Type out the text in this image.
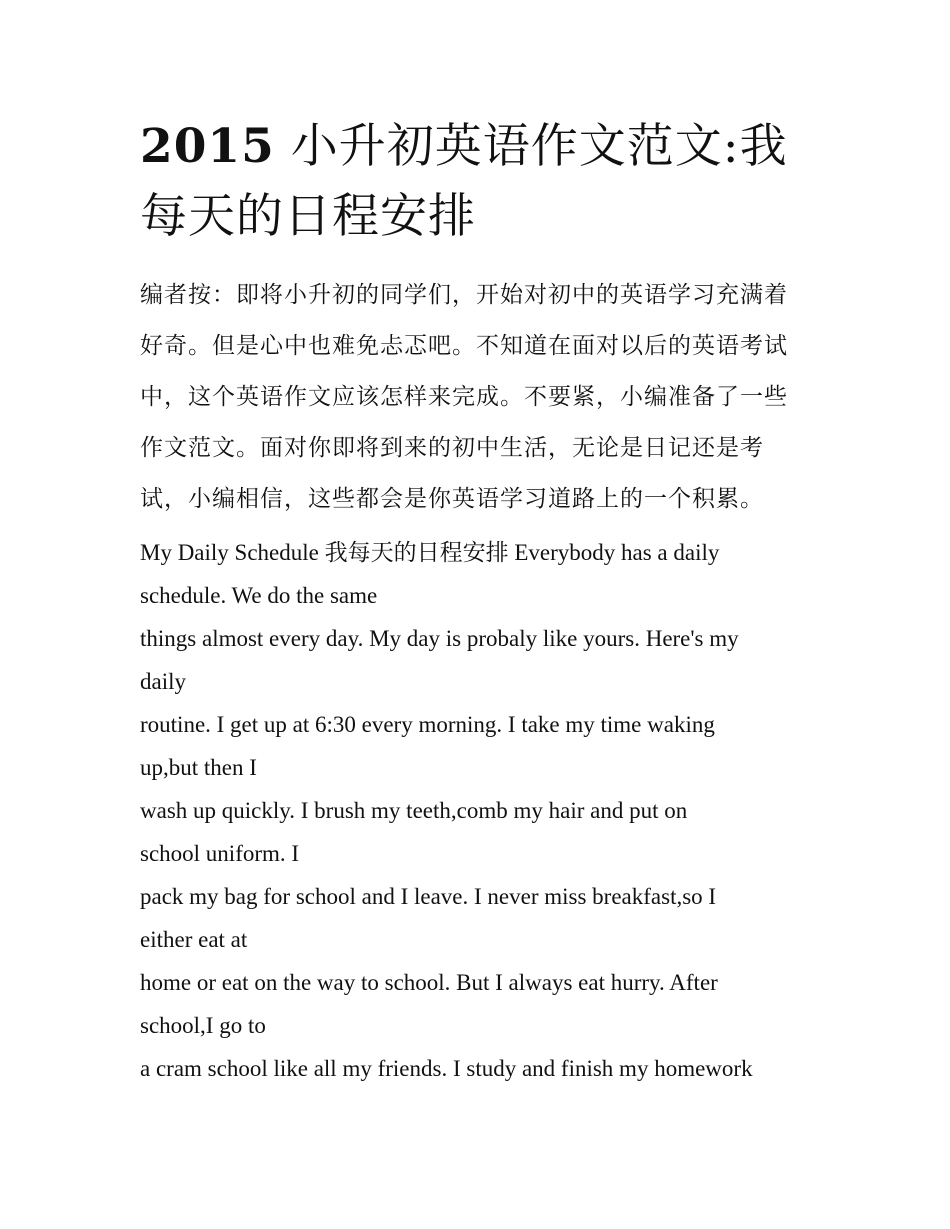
2015 小升初英语作文范文:我每天的日程安排
编者按：即将小升初的同学们，开始对初中的英语学习充满着
好奇。但是心中也难免忐忑吧。不知道在面对以后的英语考试
中，这个英语作文应该怎样来完成。不要紧，小编准备了一些
作文范文。面对你即将到来的初中生活，无论是日记还是考
试，小编相信，这些都会是你英语学习道路上的一个积累。
My Daily Schedule 我每天的日程安排 Everybody has a daily
schedule. We do the same
things almost every day. My day is probaly like yours. Here's my
daily
routine. I get up at 6:30 every morning. I take my time waking
up,but then I
wash up quickly. I brush my teeth,comb my hair and put on
school uniform. I
pack my bag for school and I leave. I never miss breakfast,so I
either eat at
home or eat on the way to school. But I always eat hurry. After
school,I go to
a cram school like all my friends. I study and finish my homework
